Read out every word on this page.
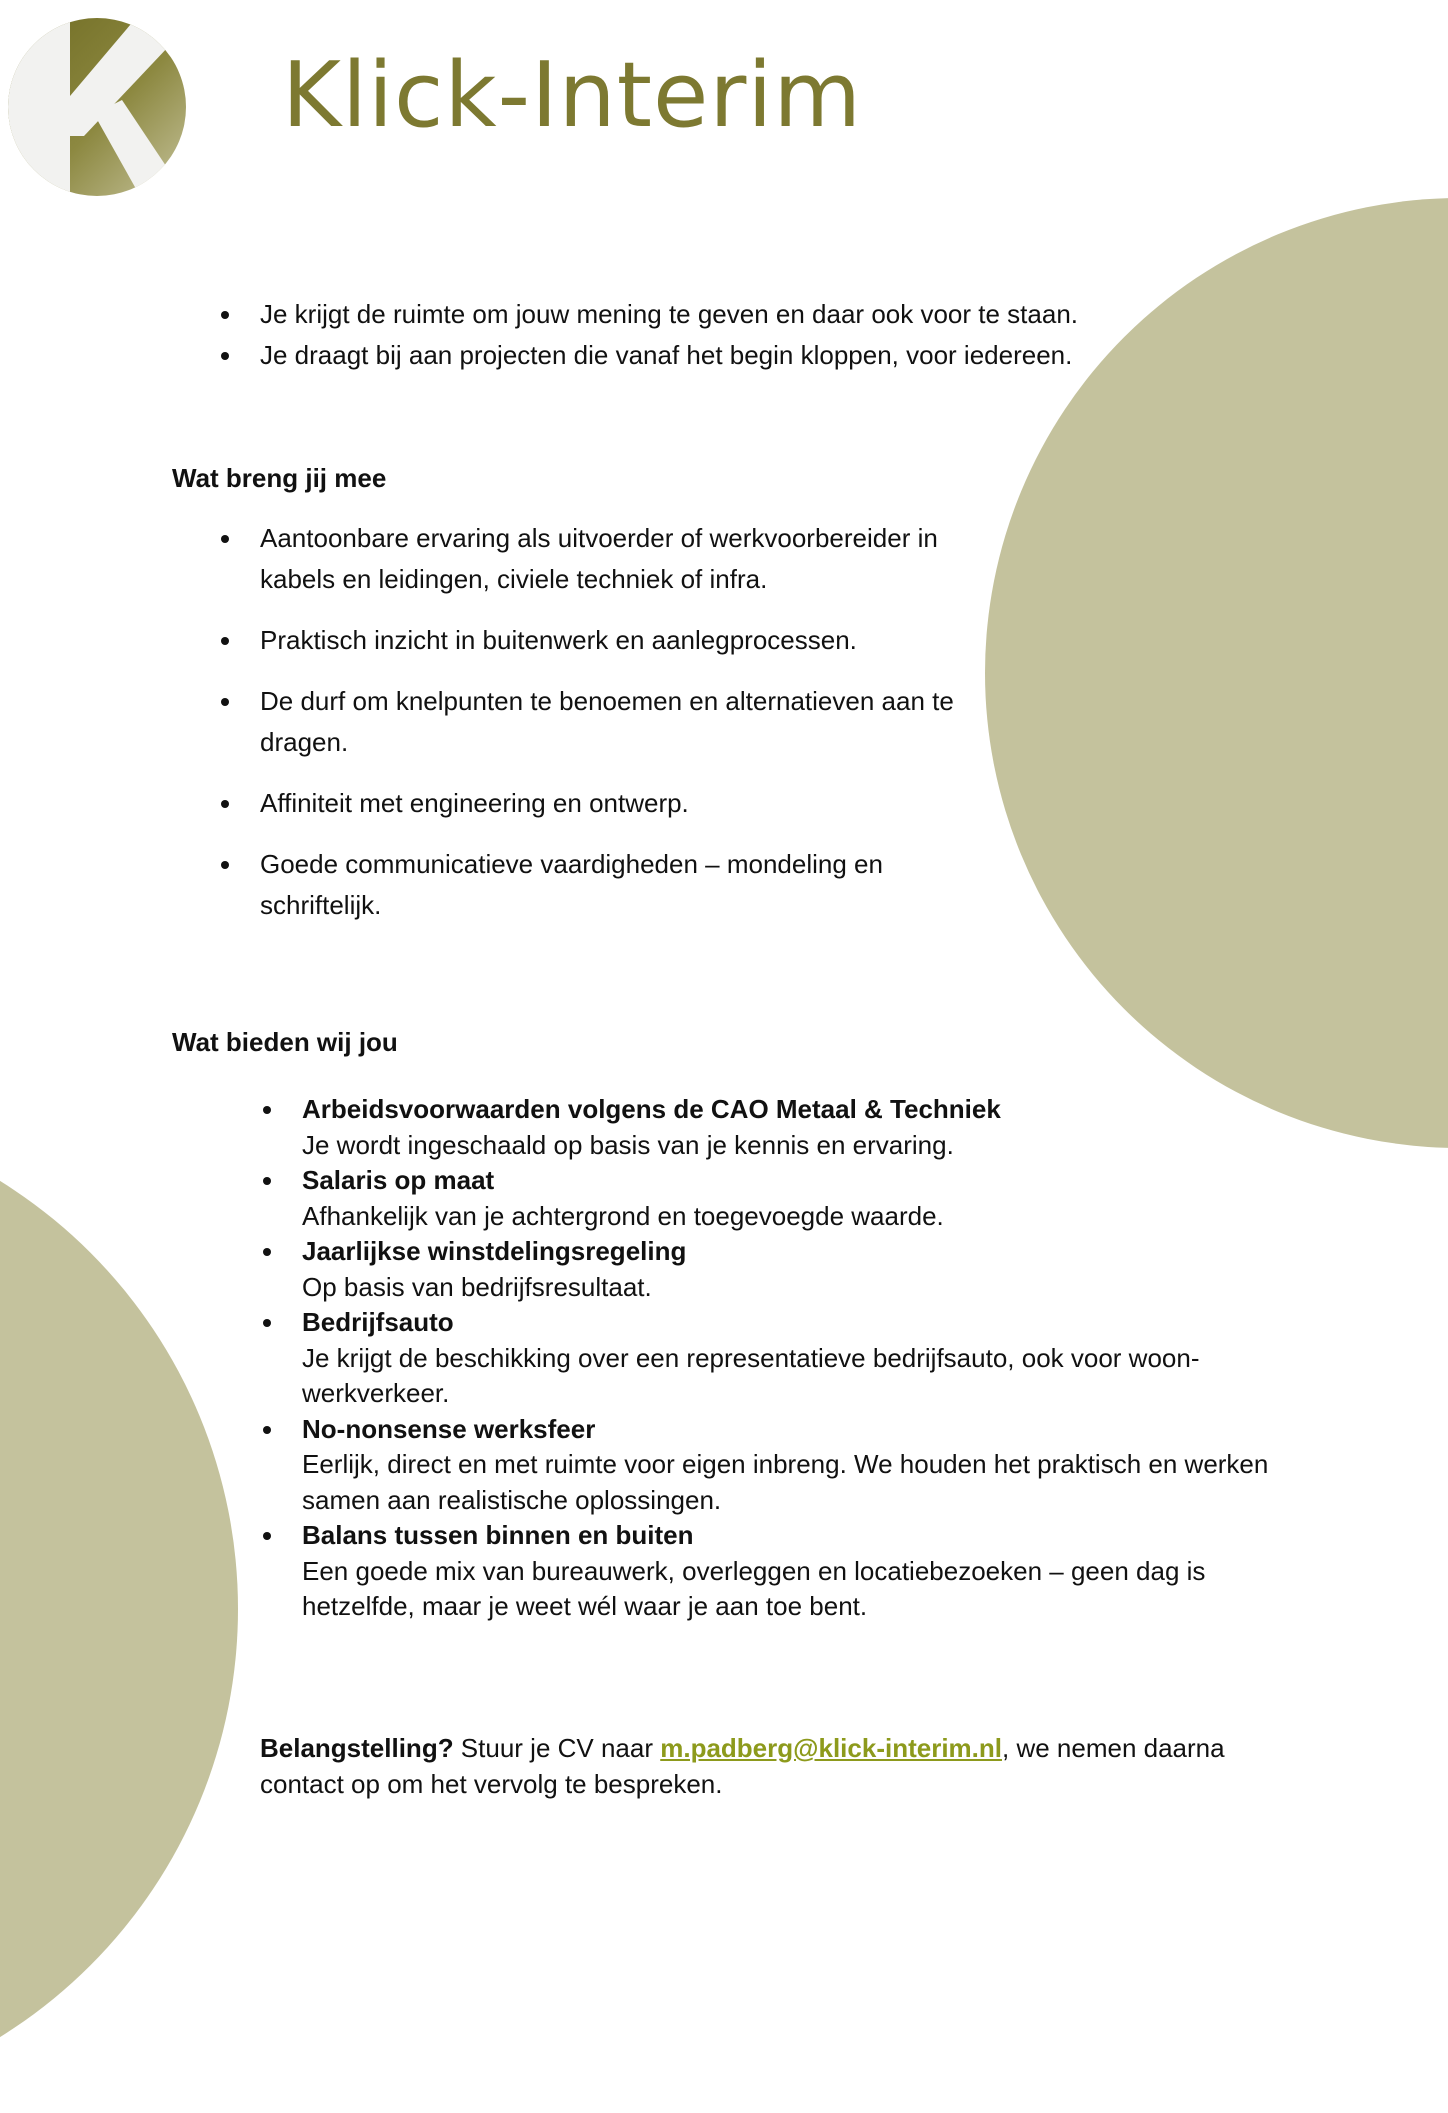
Klick-Interim
Je krijgt de ruimte om jouw mening te geven en daar ook voor te staan.
Je draagt bij aan projecten die vanaf het begin kloppen, voor iedereen.
Wat breng jij mee
Aantoonbare ervaring als uitvoerder of werkvoorbereider in kabels en leidingen, civiele techniek of infra.
Praktisch inzicht in buitenwerk en aanlegprocessen.
De durf om knelpunten te benoemen en alternatieven aan te dragen.
Affiniteit met engineering en ontwerp.
Goede communicatieve vaardigheden – mondeling en schriftelijk.
Wat bieden wij jou
Arbeidsvoorwaarden volgens de CAO Metaal & Techniek
Je wordt ingeschaald op basis van je kennis en ervaring.
Salaris op maat
Afhankelijk van je achtergrond en toegevoegde waarde.
Jaarlijkse winstdelingsregeling
Op basis van bedrijfsresultaat.
Bedrijfsauto
Je krijgt de beschikking over een representatieve bedrijfsauto, ook voor woon-werkverkeer.
No-nonsense werksfeer
Eerlijk, direct en met ruimte voor eigen inbreng. We houden het praktisch en werken samen aan realistische oplossingen.
Balans tussen binnen en buiten
Een goede mix van bureauwerk, overleggen en locatiebezoeken – geen dag is hetzelfde, maar je weet wél waar je aan toe bent.

Belangstelling? Stuur je CV naar m.padberg@klick-interim.nl, we nemen daarna contact op om het vervolg te bespreken.
